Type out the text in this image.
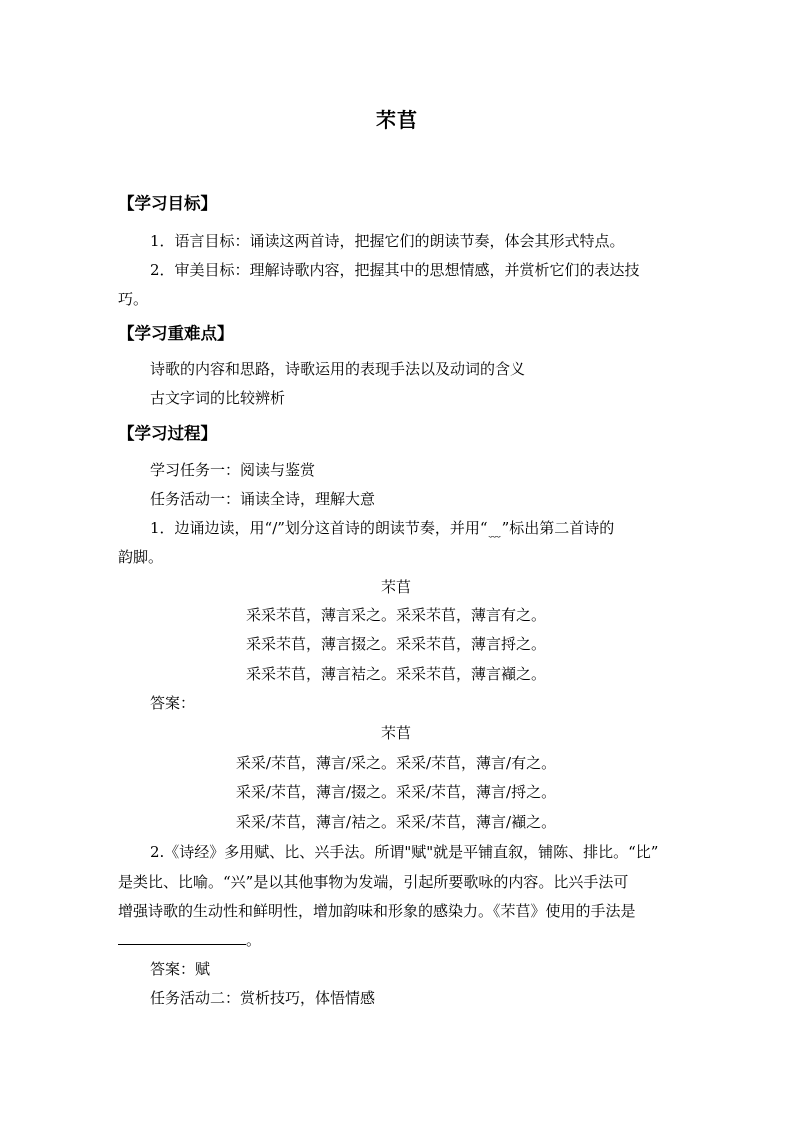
芣苢
【学习目标】
1．语言目标：诵读这两首诗，把握它们的朗读节奏，体会其形式特点。
2．审美目标：理解诗歌内容，把握其中的思想情感，并赏析它们的表达技
巧。
【学习重难点】
诗歌的内容和思路，诗歌运用的表现手法以及动词的含义
古文字词的比较辨析
【学习过程】
学习任务一：阅读与鉴赏
任务活动一：诵读全诗，理解大意
1．边诵边读，用“/”划分这首诗的朗读节奏，并用“﹏”标出第二首诗的
韵脚。
芣苢
采采芣苢，薄言采之。采采芣苢，薄言有之。
采采芣苢，薄言掇之。采采芣苢，薄言捋之。
采采芣苢，薄言袺之。采采芣苢，薄言襭之。
答案：
芣苢
采采/芣苢，薄言/采之。采采/芣苢，薄言/有之。
采采/芣苢，薄言/掇之。采采/芣苢，薄言/捋之。
采采/芣苢，薄言/袺之。采采/芣苢，薄言/襭之。
2.《诗经》多用赋、比、兴手法。所谓"赋"就是平铺直叙，铺陈、排比。“比”
是类比、比喻。“兴”是以其他事物为发端，引起所要歌咏的内容。比兴手法可
增强诗歌的生动性和鲜明性，增加韵味和形象的感染力。《芣苢》使用的手法是
。
答案：赋
任务活动二：赏析技巧，体悟情感
